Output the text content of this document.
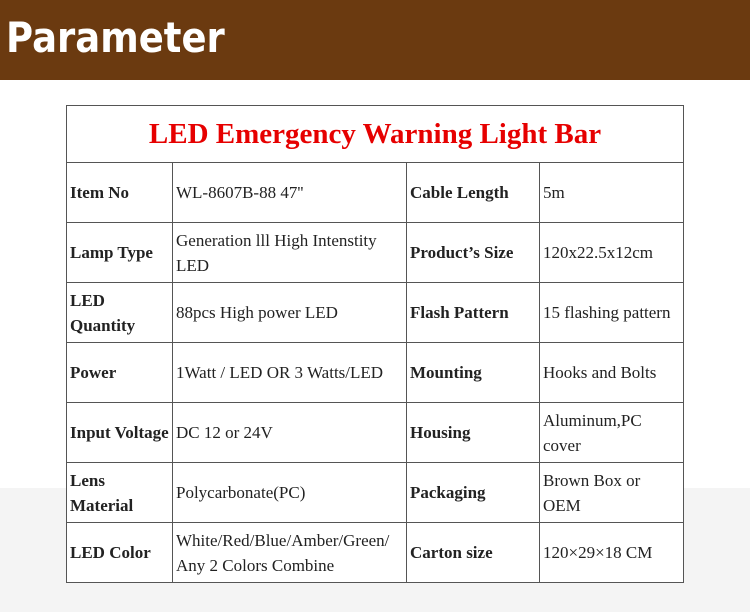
Parameter
LED Emergency Warning Light Bar			
Item No	WL-8607B-88 47''	Cable Length	5m
Lamp Type	Generation lll High Intenstity LED	Product’s Size	120x22.5x12cm
LED Quantity	88pcs High power LED	Flash Pattern	15 flashing pattern
Power	1Watt / LED OR 3 Watts/LED	Mounting	Hooks and Bolts
Input Voltage	DC 12 or 24V	Housing	Aluminum,PC cover
Lens Material	Polycarbonate(PC)	Packaging	Brown Box or OEM
LED Color	White/Red/Blue/Amber/Green/ Any 2 Colors Combine	Carton size	120×29×18 CM
